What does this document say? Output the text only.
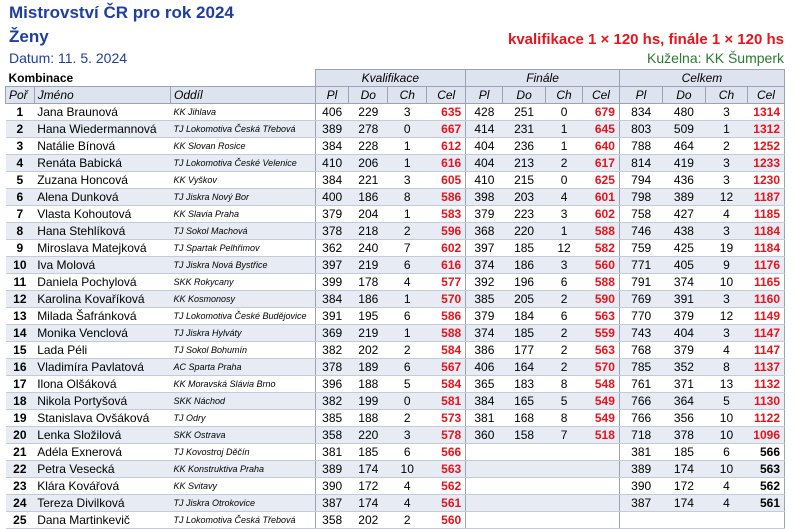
Mistrovství ČR pro rok 2024
Ženy	kvalifikace 1 × 120 hs, finále 1 × 120 hs
Datum: 11. 5. 2024	Kuželna: KK Šumperk
Kombinace			Kvalifikace				Finále				Celkem			
Poř	Jméno	Oddíl	Pl	Do	Ch	Cel	Pl	Do	Ch	Cel	Pl	Do	Ch	Cel
1	Jana Braunová	KK Jihlava	406	229	3	635	428	251	0	679	834	480	3	1314
2	Hana Wiedermannová	TJ Lokomotiva Česká Třebová	389	278	0	667	414	231	1	645	803	509	1	1312
3	Natálie Bínová	KK Slovan Rosice	384	228	1	612	404	236	1	640	788	464	2	1252
4	Renáta Babická	TJ Lokomotiva České Velenice	410	206	1	616	404	213	2	617	814	419	3	1233
5	Zuzana Honcová	KK Vyškov	384	221	3	605	410	215	0	625	794	436	3	1230
6	Alena Dunková	TJ Jiskra Nový Bor	400	186	8	586	398	203	4	601	798	389	12	1187
7	Vlasta Kohoutová	KK Slavia Praha	379	204	1	583	379	223	3	602	758	427	4	1185
8	Hana Stehlíková	TJ Sokol Machová	378	218	2	596	368	220	1	588	746	438	3	1184
9	Miroslava Matejková	TJ Spartak Pelhřimov	362	240	7	602	397	185	12	582	759	425	19	1184
10	Iva Molová	TJ Jiskra Nová Bystřice	397	219	6	616	374	186	3	560	771	405	9	1176
11	Daniela Pochylová	SKK Rokycany	399	178	4	577	392	196	6	588	791	374	10	1165
12	Karolina Kovaříková	KK Kosmonosy	384	186	1	570	385	205	2	590	769	391	3	1160
13	Milada Šafránková	TJ Lokomotiva České Budějovice	391	195	6	586	379	184	6	563	770	379	12	1149
14	Monika Venclová	TJ Jiskra Hylváty	369	219	1	588	374	185	2	559	743	404	3	1147
15	Lada Péli	TJ Sokol Bohumín	382	202	2	584	386	177	2	563	768	379	4	1147
16	Vladimíra Pavlatová	AC Sparta Praha	378	189	6	567	406	164	2	570	785	352	8	1137
17	Ilona Olšáková	KK Moravská Slávia Brno	396	188	5	584	365	183	8	548	761	371	13	1132
18	Nikola Portyšová	SKK Náchod	382	199	0	581	384	165	5	549	766	364	5	1130
19	Stanislava Ovšáková	TJ Odry	385	188	2	573	381	168	8	549	766	356	10	1122
20	Lenka Složilová	SKK Ostrava	358	220	3	578	360	158	7	518	718	378	10	1096
21	Adéla Exnerová	TJ Kovostroj Děčín	381	185	6	566					381	185	6	566
22	Petra Vesecká	KK Konstruktiva Praha	389	174	10	563					389	174	10	563
23	Klára Kovářová	KK Svitavy	390	172	4	562					390	172	4	562
24	Tereza Divilková	TJ Jiskra Otrokovice	387	174	4	561					387	174	4	561
25	Dana Martinkevič	TJ Lokomotiva Česká Třebová	358	202	2	560								
